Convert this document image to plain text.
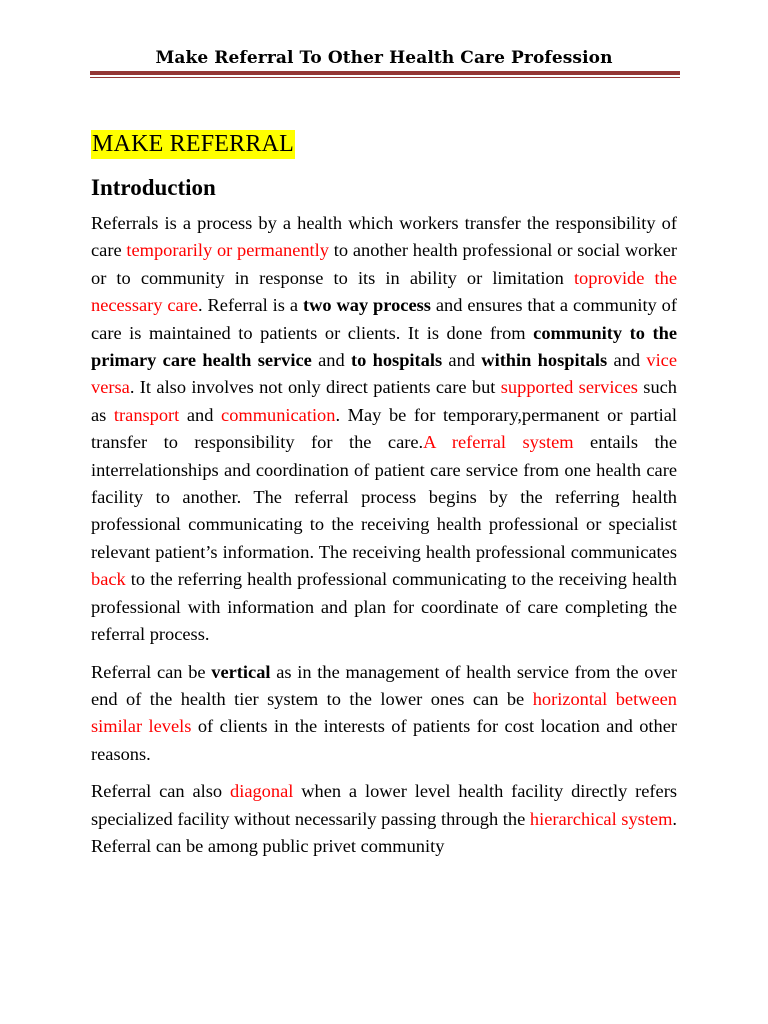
Make Referral To Other Health Care Profession
MAKE REFERRAL
Introduction

Referrals is a process by a health which workers transfer the responsibility of care temporarily or permanently to another health professional or social worker or to community in response to its in ability or limitation toprovide the necessary care. Referral is a two way process and ensures that a community of care is maintained to patients or clients. It is done from community to the primary care health service and to hospitals and within hospitals and vice versa. It also involves not only direct patients care but supported services such as transport and communication. May be for temporary,permanent or partial transfer to responsibility for the care.A referral system entails the interrelationships and coordination of patient care service from one health care facility to another. The referral process begins by the referring health professional communicating to the receiving health professional or specialist relevant patient’s information. The receiving health professional communicates back to the referring health professional communicating to the receiving health professional with information and plan for coordinate of care completing the referral process.

Referral can be vertical as in the management of health service from the over end of the health tier system to the lower ones can be horizontal between similar levels of clients in the interests of patients for cost location and other reasons.

Referral can also diagonal when a lower level health facility directly refers specialized facility without necessarily passing through the hierarchical system. Referral can be among public privet community
